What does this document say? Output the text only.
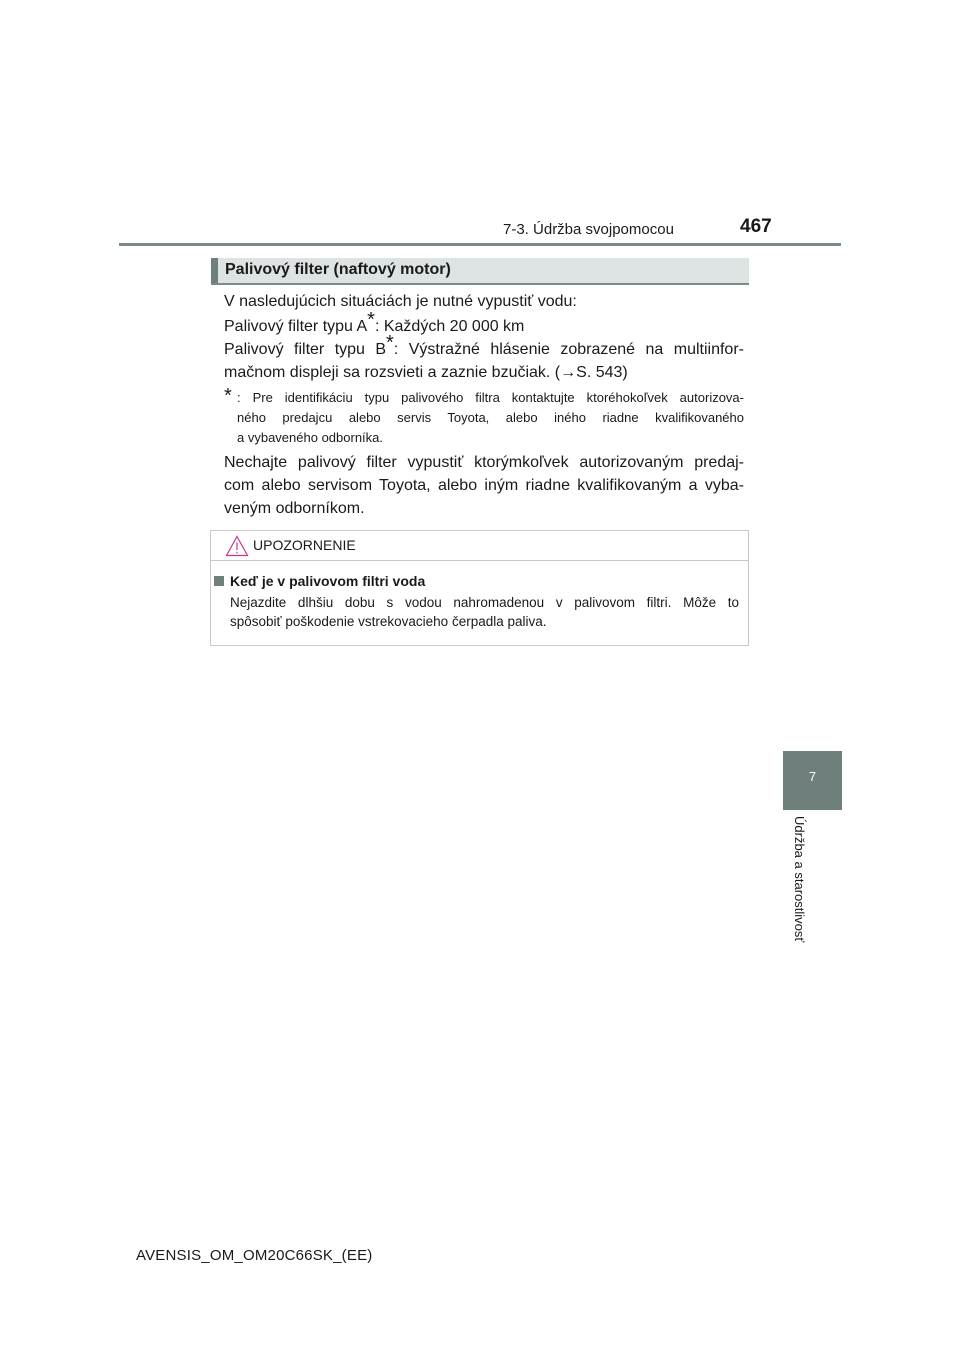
7-3. Údržba svojpomocou	467
7
Údržba a starostlivosť
Palivový filter (naftový motor)
V nasledujúcich situáciách je nutné vypustiť vodu:
Palivový filter typu A*: Každých 20 000 km
Palivový filter typu B*: Výstražné hlásenie zobrazené na multiinfor-
mačnom displeji sa rozsvieti a zaznie bzučiak. (→S. 543)
* : Pre identifikáciu typu palivového filtra kontaktujte ktoréhokoľvek autorizova-
ného predajcu alebo servis Toyota, alebo iného riadne kvalifikovaného
a vybaveného odborníka.
Nechajte palivový filter vypustiť ktorýmkoľvek autorizovaným predaj-
com alebo servisom Toyota, alebo iným riadne kvalifikovaným a vyba-
veným odborníkom.
UPOZORNENIE
Keď je v palivovom filtri voda
Nejazdite dlhšiu dobu s vodou nahromadenou v palivovom filtri. Môže to
spôsobiť poškodenie vstrekovacieho čerpadla paliva.
AVENSIS_OM_OM20C66SK_(EE)
